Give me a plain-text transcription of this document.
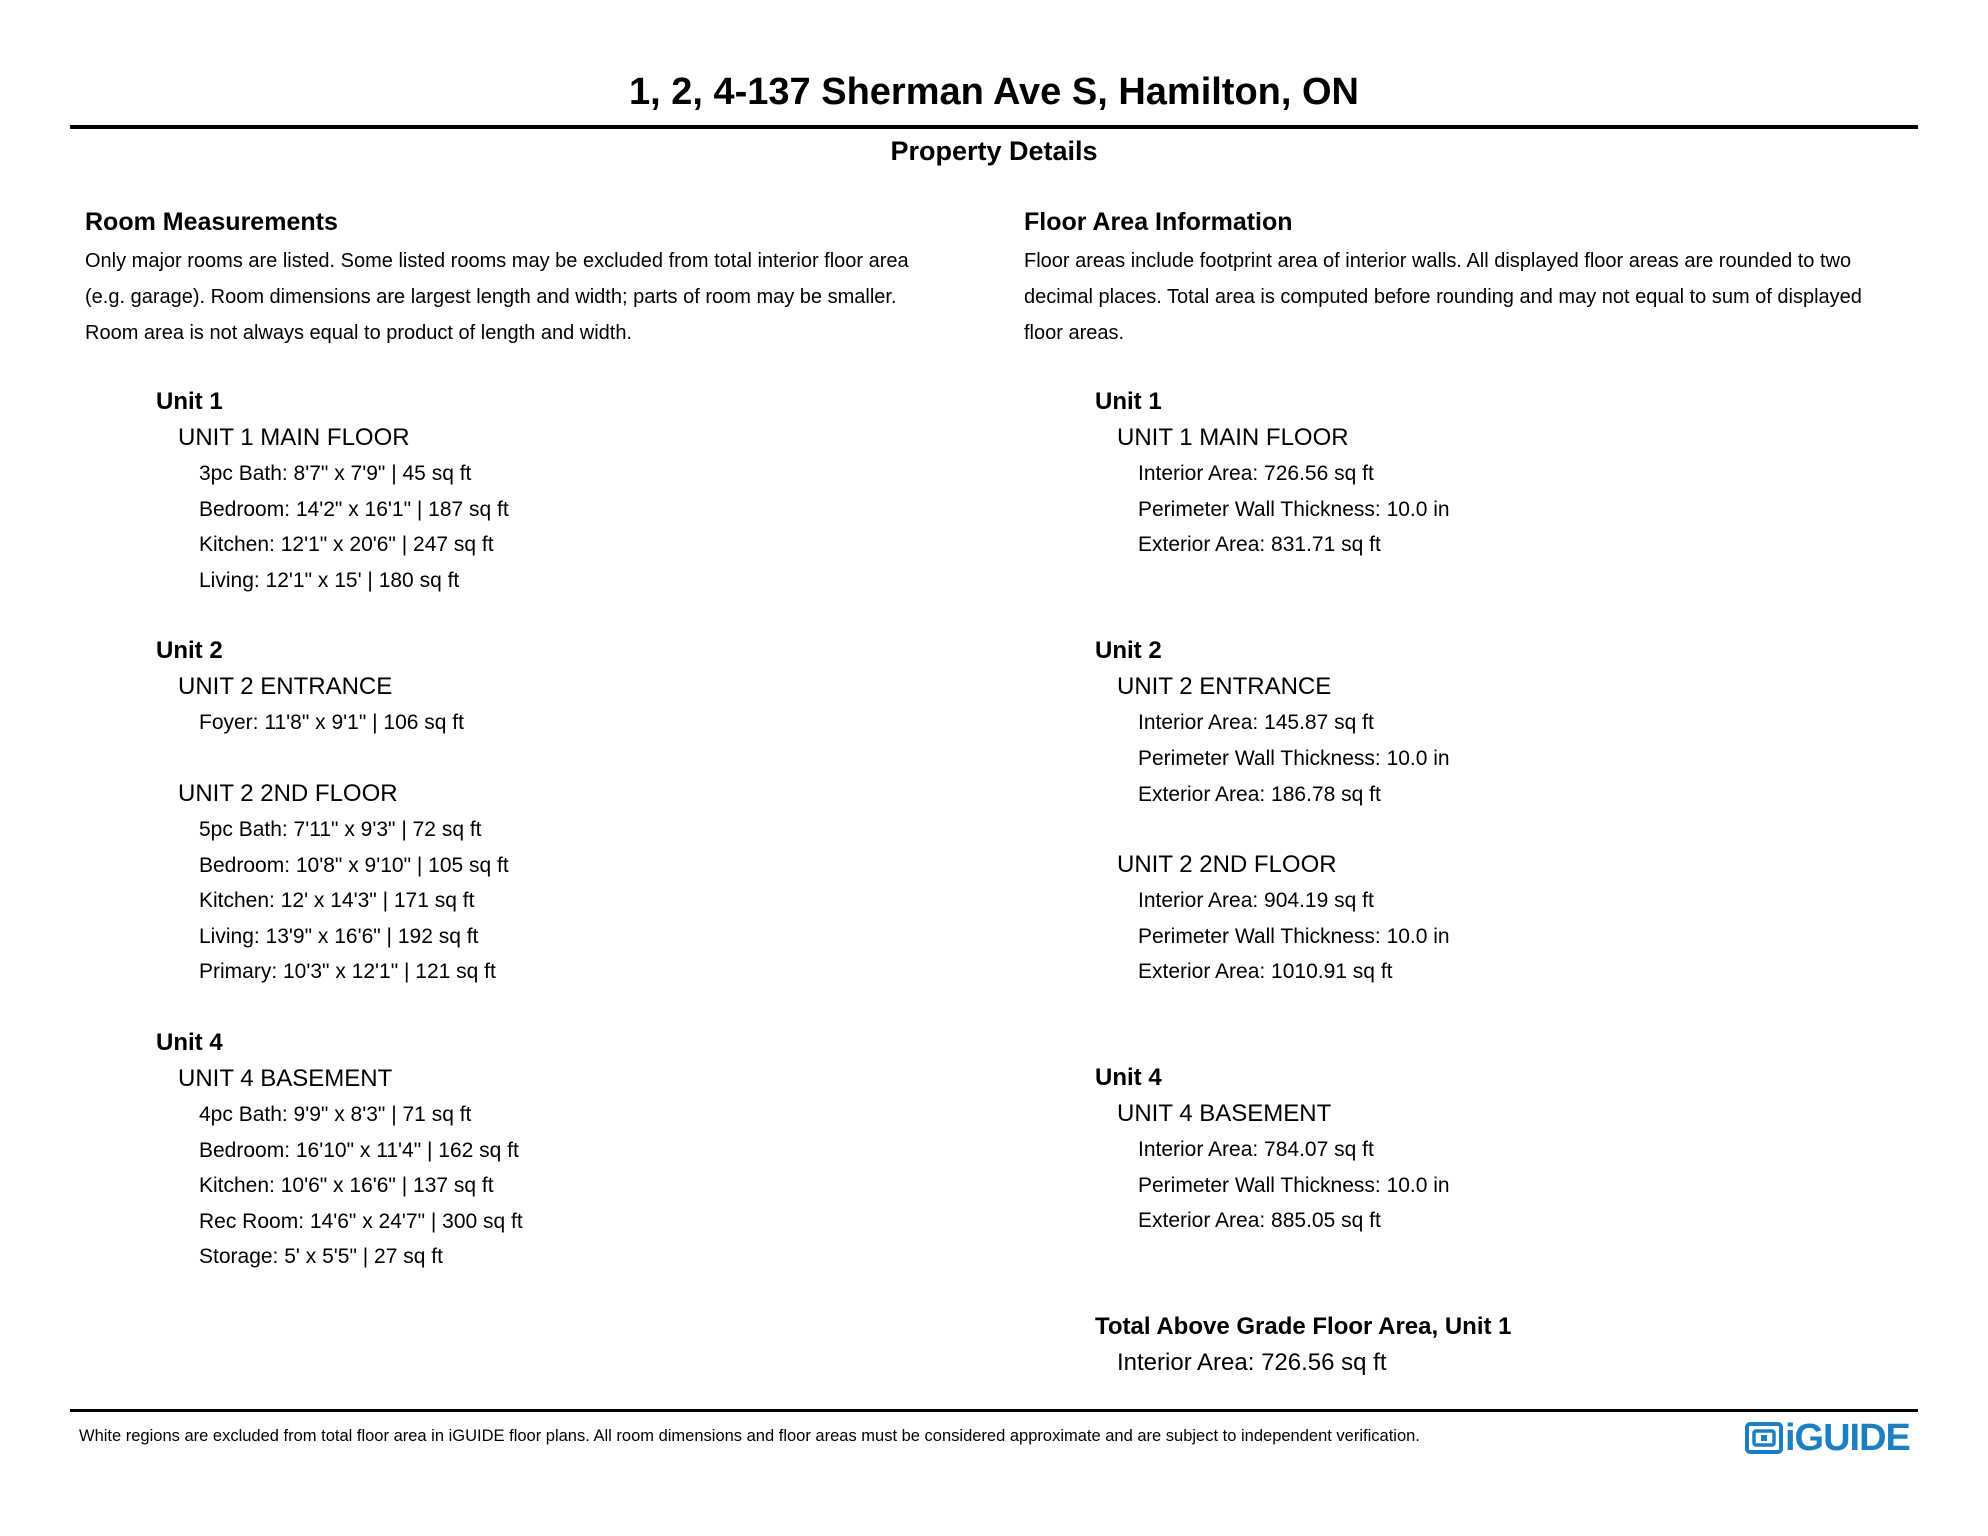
1, 2, 4-137 Sherman Ave S, Hamilton, ON
Property Details
Room Measurements
Only major rooms are listed. Some listed rooms may be excluded from total interior floor area
(e.g. garage). Room dimensions are largest length and width; parts of room may be smaller.
Room area is not always equal to product of length and width.
Floor Area Information
Floor areas include footprint area of interior walls. All displayed floor areas are rounded to two
decimal places. Total area is computed before rounding and may not equal to sum of displayed
floor areas.
Unit 1
UNIT 1 MAIN FLOOR
3pc Bath: 8'7" x 7'9" | 45 sq ft
Bedroom: 14'2" x 16'1" | 187 sq ft
Kitchen: 12'1" x 20'6" | 247 sq ft
Living: 12'1" x 15' | 180 sq ft
Unit 2
UNIT 2 ENTRANCE
Foyer: 11'8" x 9'1" | 106 sq ft
UNIT 2 2ND FLOOR
5pc Bath: 7'11" x 9'3" | 72 sq ft
Bedroom: 10'8" x 9'10" | 105 sq ft
Kitchen: 12' x 14'3" | 171 sq ft
Living: 13'9" x 16'6" | 192 sq ft
Primary: 10'3" x 12'1" | 121 sq ft
Unit 4
UNIT 4 BASEMENT
4pc Bath: 9'9" x 8'3" | 71 sq ft
Bedroom: 16'10" x 11'4" | 162 sq ft
Kitchen: 10'6" x 16'6" | 137 sq ft
Rec Room: 14'6" x 24'7" | 300 sq ft
Storage: 5' x 5'5" | 27 sq ft
Unit 1
UNIT 1 MAIN FLOOR
Interior Area: 726.56 sq ft
Perimeter Wall Thickness: 10.0 in
Exterior Area: 831.71 sq ft
Unit 2
UNIT 2 ENTRANCE
Interior Area: 145.87 sq ft
Perimeter Wall Thickness: 10.0 in
Exterior Area: 186.78 sq ft
UNIT 2 2ND FLOOR
Interior Area: 904.19 sq ft
Perimeter Wall Thickness: 10.0 in
Exterior Area: 1010.91 sq ft
Unit 4
UNIT 4 BASEMENT
Interior Area: 784.07 sq ft
Perimeter Wall Thickness: 10.0 in
Exterior Area: 885.05 sq ft
Total Above Grade Floor Area, Unit 1
Interior Area: 726.56 sq ft
White regions are excluded from total floor area in iGUIDE floor plans. All room dimensions and floor areas must be considered approximate and are subject to independent verification.	iGUIDE
